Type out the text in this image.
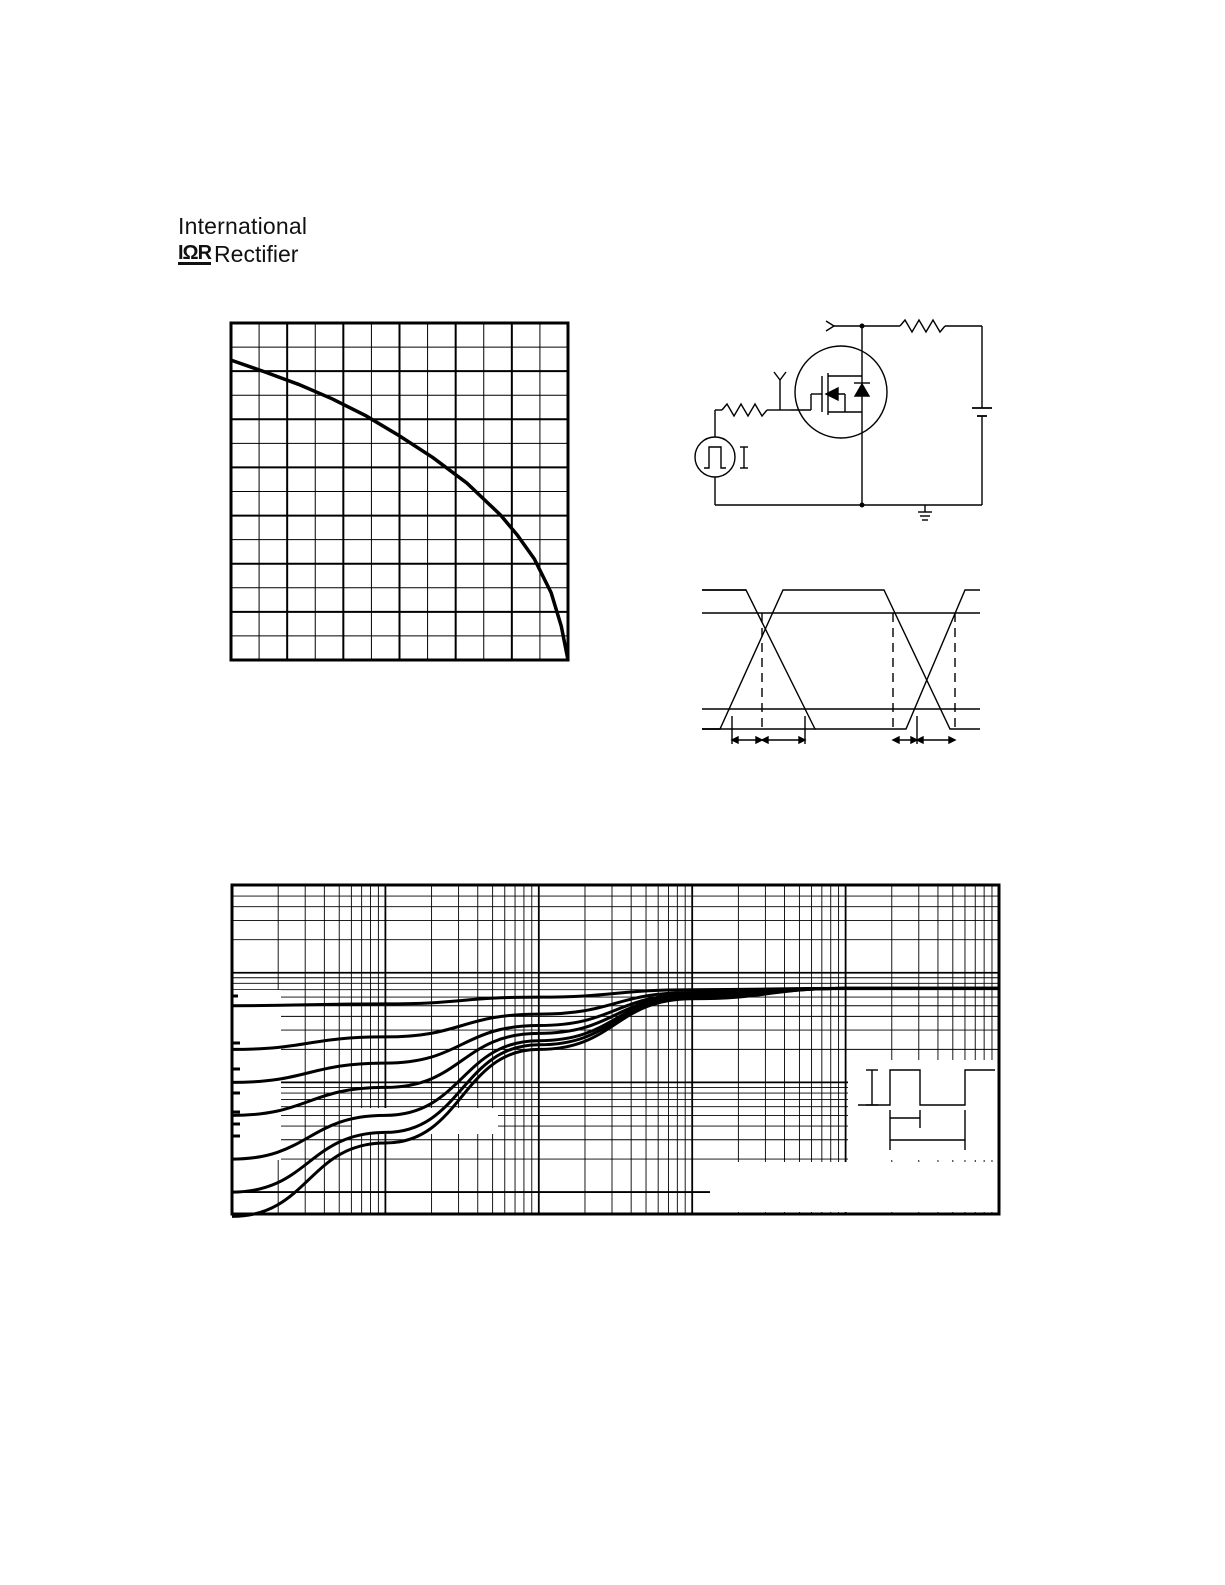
International
IΩR Rectifier
